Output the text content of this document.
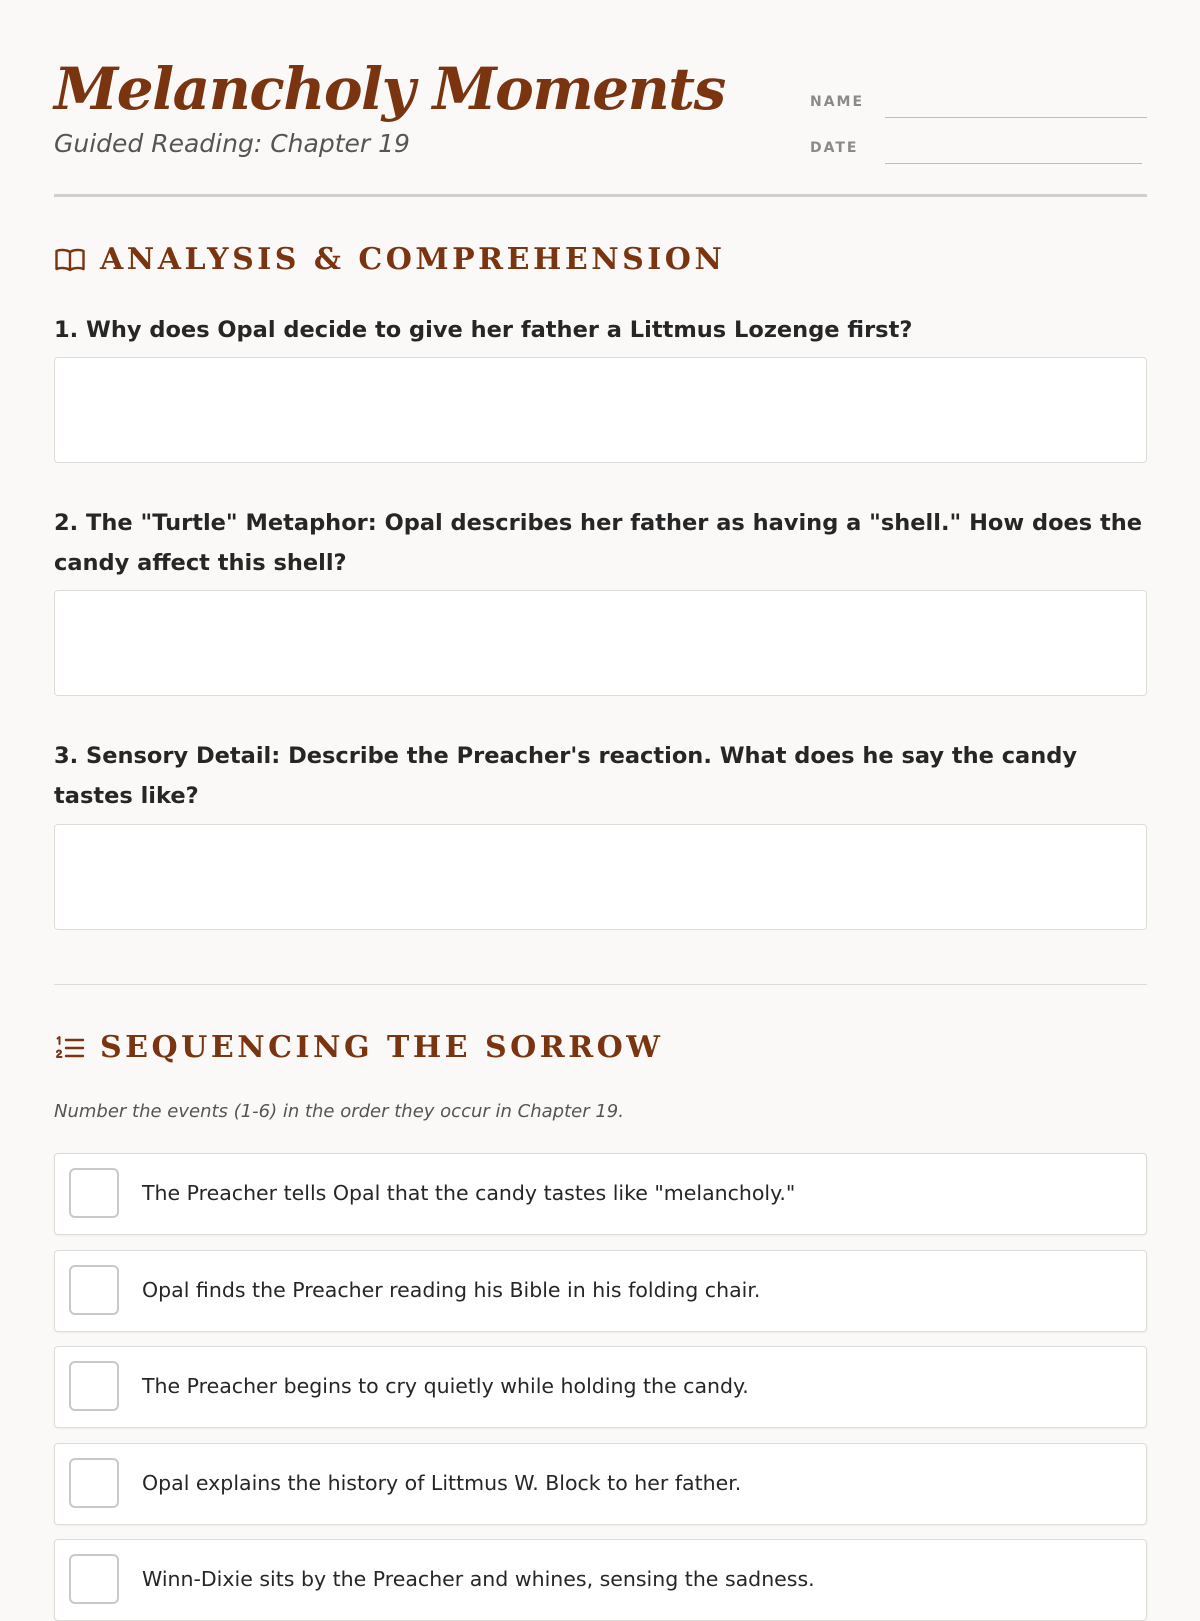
Melancholy Moments
Guided Reading: Chapter 19
NAME
DATE
ANALYSIS & COMPREHENSION

1. Why does Opal decide to give her father a Littmus Lozenge first?

2. The "Turtle" Metaphor: Opal describes her father as having a "shell." How does the candy affect this shell?

3. Sensory Detail: Describe the Preacher's reaction. What does he say the candy tastes like?

SEQUENCING THE SORROW
Number the events (1-6) in the order they occur in Chapter 19.
The Preacher tells Opal that the candy tastes like "melancholy."
Opal finds the Preacher reading his Bible in his folding chair.
The Preacher begins to cry quietly while holding the candy.
Opal explains the history of Littmus W. Block to her father.
Winn-Dixie sits by the Preacher and whines, sensing the sadness.
